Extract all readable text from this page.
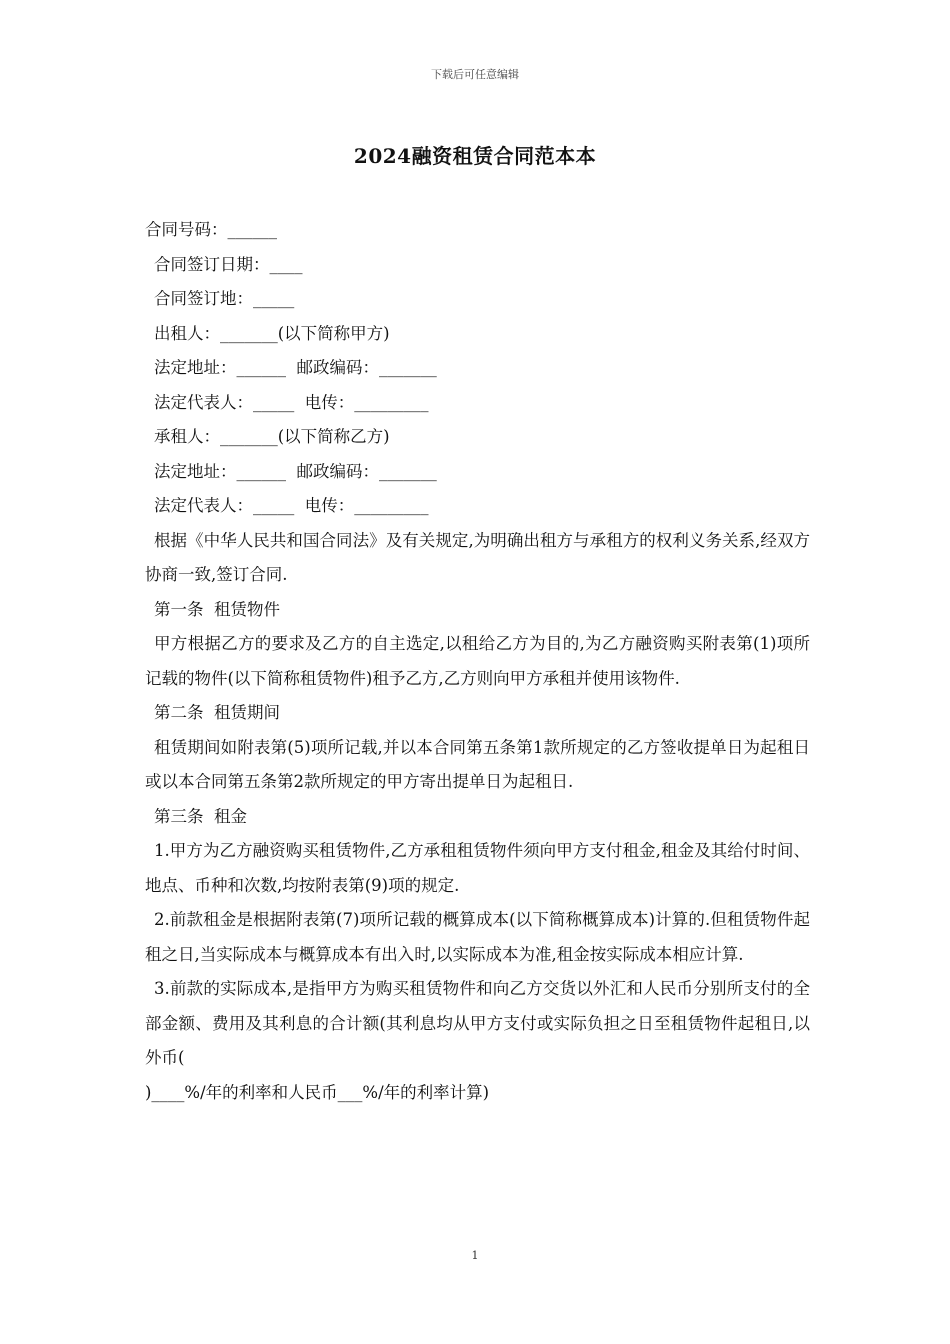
下载后可任意编辑
2024融资租赁合同范本本
合同号码：______
合同签订日期：____
合同签订地：_____
出租人：_______(以下简称甲方)
法定地址：______  邮政编码：_______
法定代表人：_____  电传：_________
承租人：_______(以下简称乙方)
法定地址：______  邮政编码：_______
法定代表人：_____  电传：_________
根据《中华人民共和国合同法》及有关规定,为明确出租方与承租方的权利义务关系,经双方协商一致,签订合同.
第一条  租赁物件
甲方根据乙方的要求及乙方的自主选定,以租给乙方为目的,为乙方融资购买附表第(1)项所记载的物件(以下简称租赁物件)租予乙方,乙方则向甲方承租并使用该物件.
第二条  租赁期间
租赁期间如附表第(5)项所记载,并以本合同第五条第1款所规定的乙方签收提单日为起租日或以本合同第五条第2款所规定的甲方寄出提单日为起租日.
第三条  租金
1.甲方为乙方融资购买租赁物件,乙方承租租赁物件须向甲方支付租金,租金及其给付时间、地点、币种和次数,均按附表第(9)项的规定.
2.前款租金是根据附表第(7)项所记载的概算成本(以下简称概算成本)计算的.但租赁物件起租之日,当实际成本与概算成本有出入时,以实际成本为准,租金按实际成本相应计算.
3.前款的实际成本,是指甲方为购买租赁物件和向乙方交货以外汇和人民币分别所支付的全部金额、费用及其利息的合计额(其利息均从甲方支付或实际负担之日至租赁物件起租日,以外币(
)____%/年的利率和人民币___%/年的利率计算)
1
